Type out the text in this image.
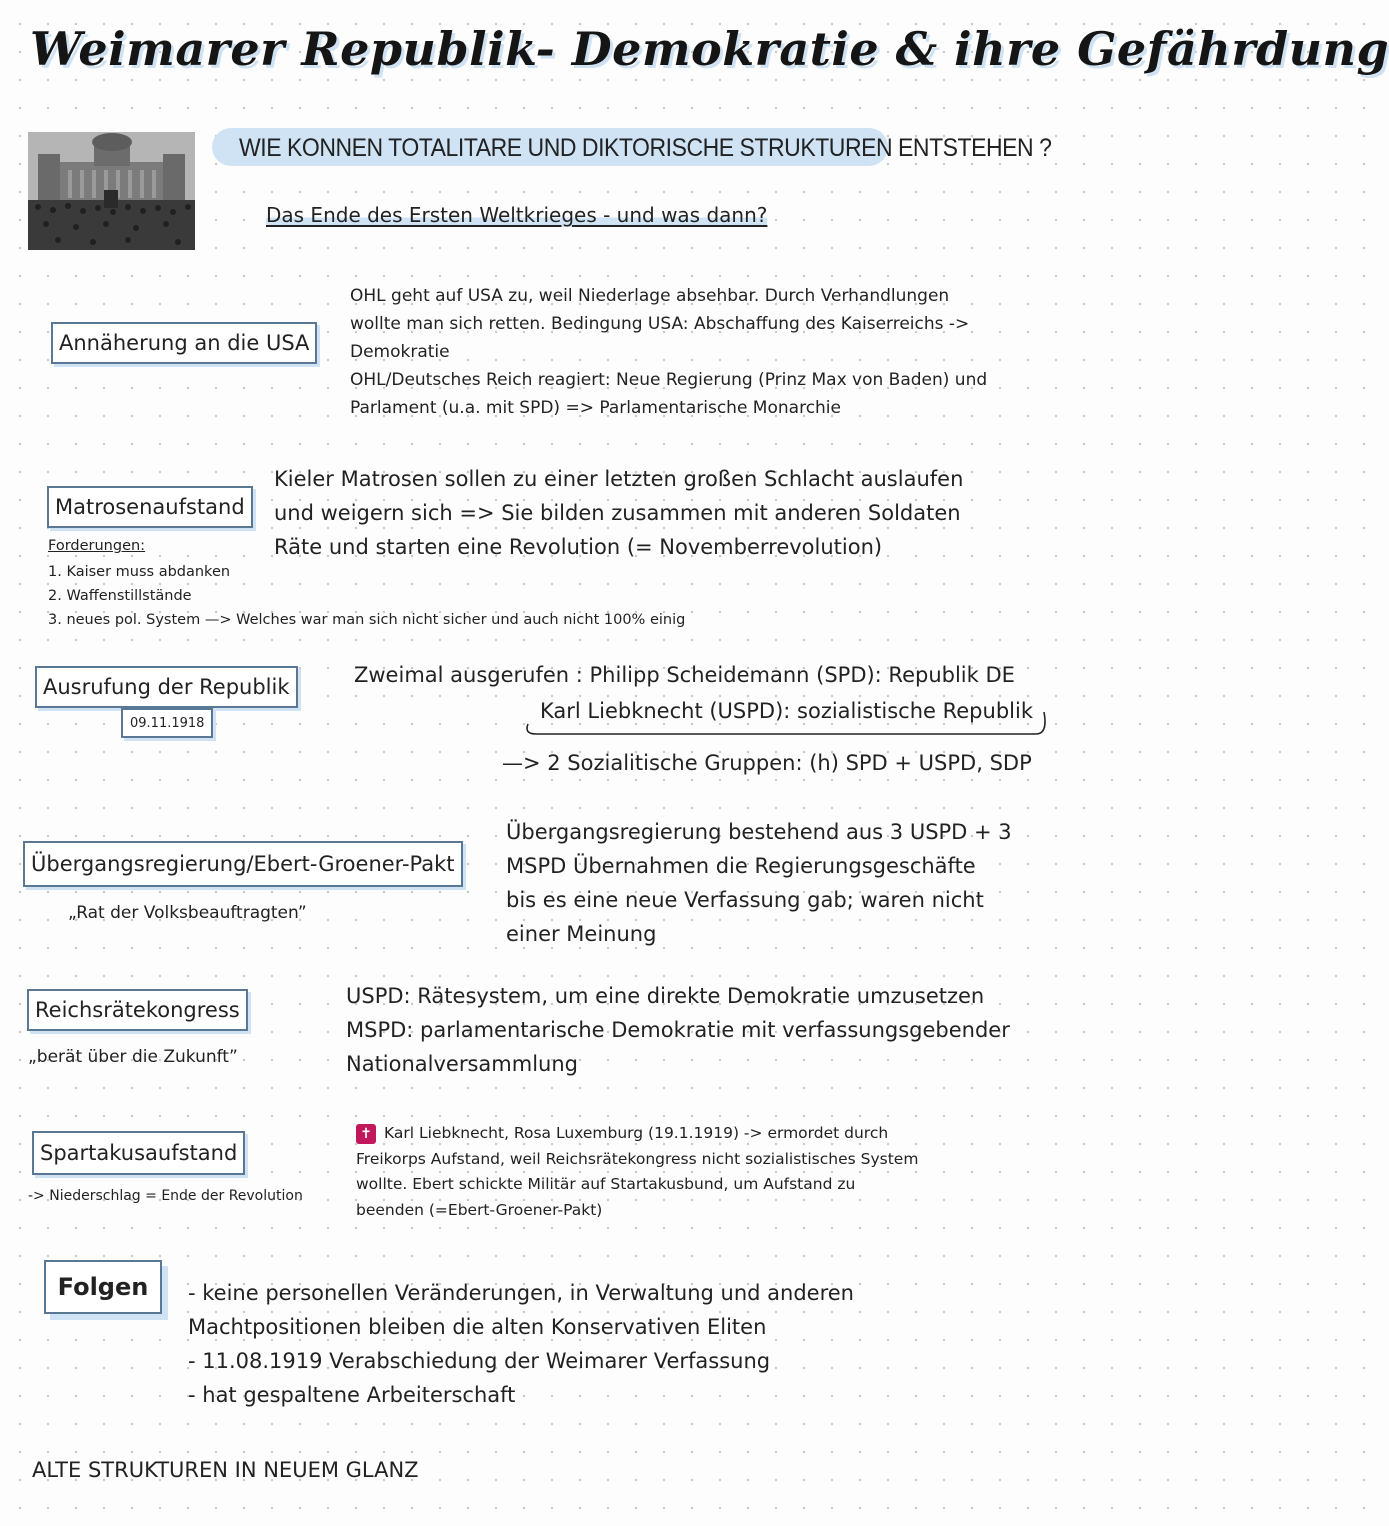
Weimarer Republik- Demokratie & ihre Gefährdung
WIE KONNEN TOTALITARE UND DIKTORISCHE STRUKTUREN ENTSTEHEN ?
Das Ende des Ersten Weltkrieges - und was dann?
Annäherung an die USA
OHL geht auf USA zu, weil Niederlage absehbar. Durch Verhandlungen
wollte man sich retten. Bedingung USA: Abschaffung des Kaiserreichs ->
Demokratie
OHL/Deutsches Reich reagiert: Neue Regierung (Prinz Max von Baden) und
Parlament (u.a. mit SPD) => Parlamentarische Monarchie
Matrosenaufstand
Kieler Matrosen sollen zu einer letzten großen Schlacht auslaufen
und weigern sich => Sie bilden zusammen mit anderen Soldaten
Räte und starten eine Revolution (= Novemberrevolution)
Forderungen:
1. Kaiser muss abdanken
2. Waffenstillstände
3. neues pol. System —> Welches war man sich nicht sicher und auch nicht 100% einig
Ausrufung der Republik
09.11.1918
Zweimal ausgerufen : Philipp Scheidemann (SPD): Republik DE
Karl Liebknecht (USPD): sozialistische Republik
—> 2 Sozialitische Gruppen: (h) SPD + USPD, SDP
Übergangsregierung/Ebert-Groener-Pakt
„Rat der Volksbeauftragten”
Übergangsregierung bestehend aus 3 USPD + 3
MSPD Übernahmen die Regierungsgeschäfte
bis es eine neue Verfassung gab; waren nicht
einer Meinung
Reichsrätekongress
„berät über die Zukunft”
USPD: Rätesystem, um eine direkte Demokratie umzusetzen
MSPD: parlamentarische Demokratie mit verfassungsgebender
Nationalversammlung
Spartakusaufstand
-> Niederschlag = Ende der Revolution
✝ Karl Liebknecht, Rosa Luxemburg (19.1.1919) -> ermordet durch
Freikorps Aufstand, weil Reichsrätekongress nicht sozialistisches System
wollte. Ebert schickte Militär auf Startakusbund, um Aufstand zu
beenden (=Ebert-Groener-Pakt)
Folgen	- keine personellen Veränderungen, in Verwaltung und anderen
Machtpositionen bleiben die alten Konservativen Eliten
- 11.08.1919 Verabschiedung der Weimarer Verfassung
- hat gespaltene Arbeiterschaft
ALTE STRUKTUREN IN NEUEM GLANZ
